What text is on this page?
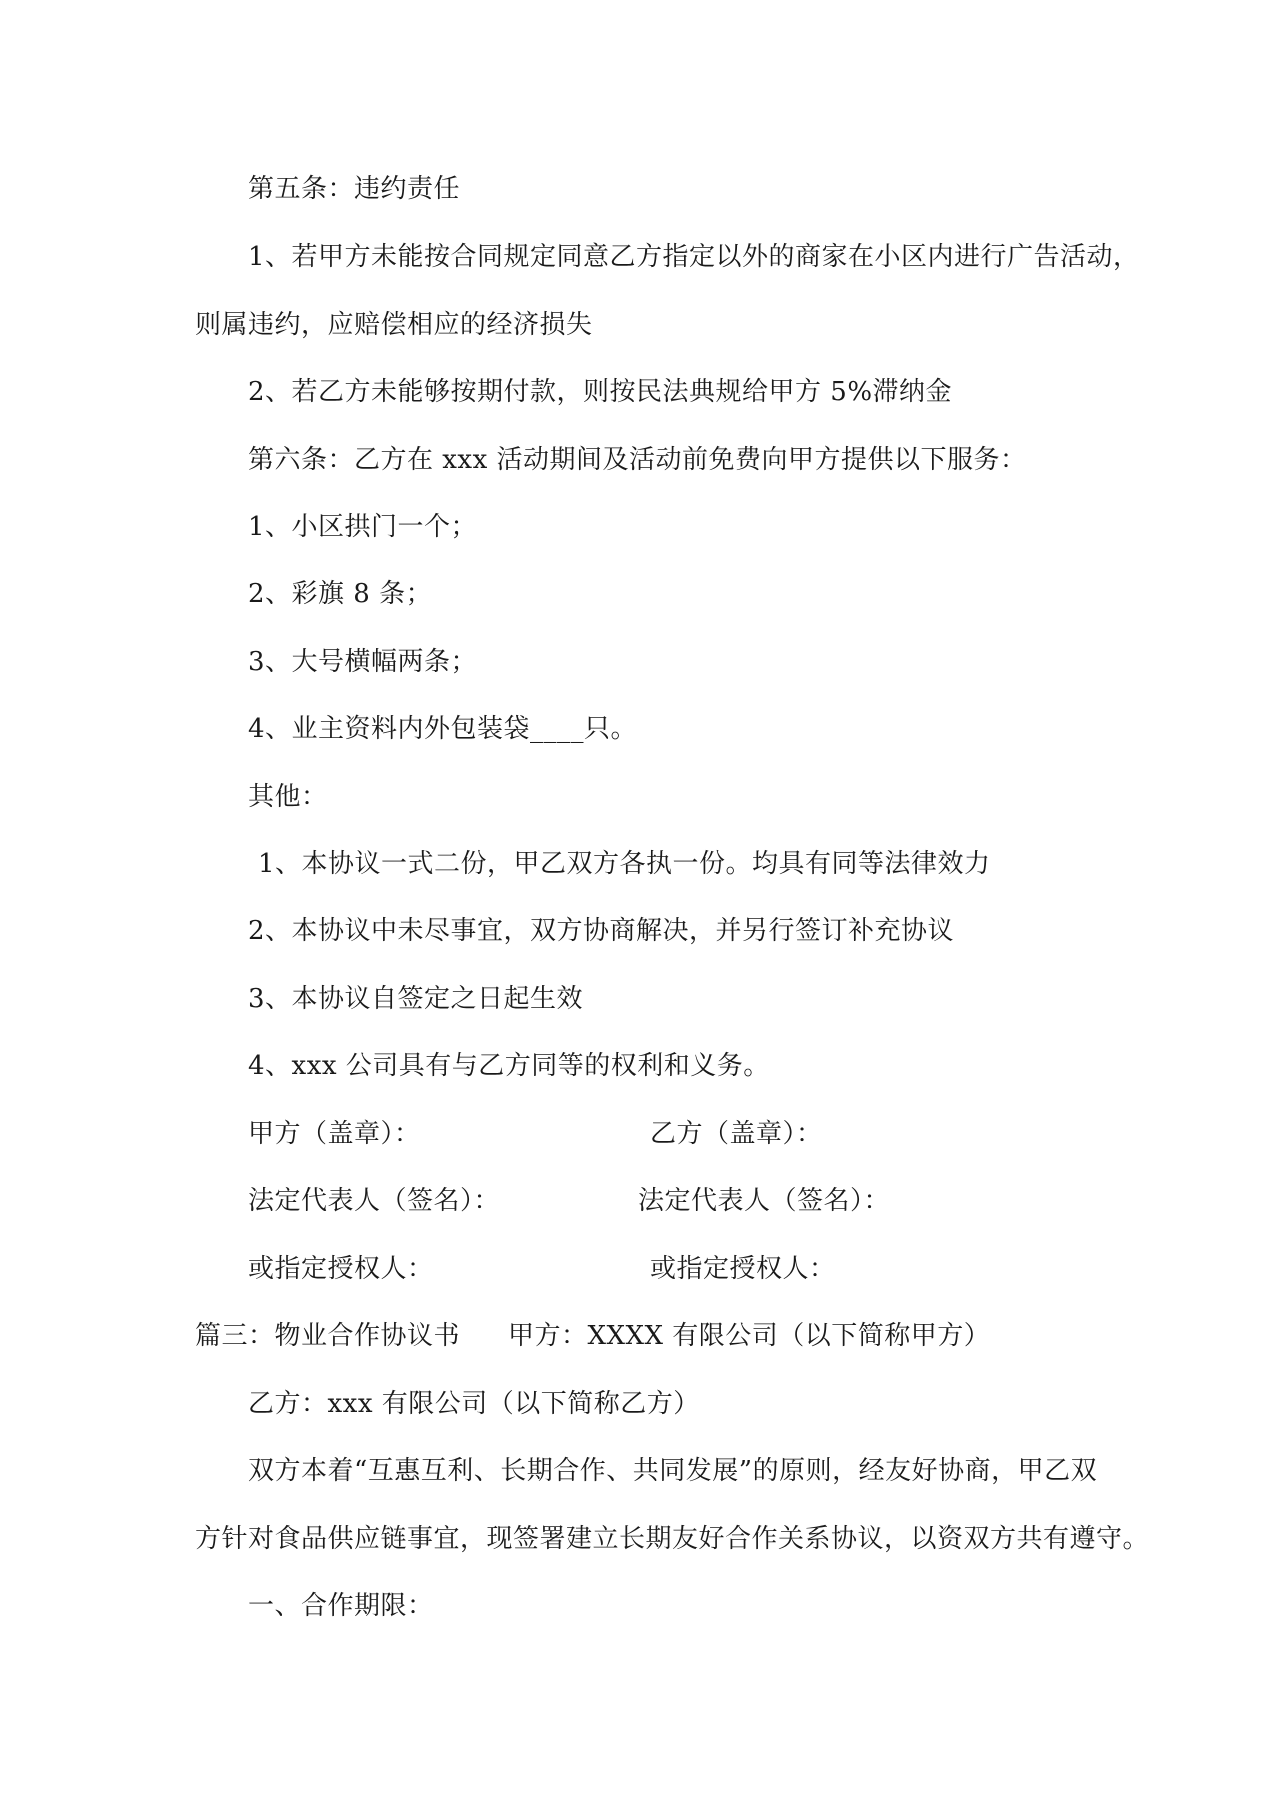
第五条：违约责任
1、若甲方未能按合同规定同意乙方指定以外的商家在小区内进行广告活动，
则属违约，应赔偿相应的经济损失
2、若乙方未能够按期付款，则按民法典规给甲方 5%滞纳金
第六条：乙方在 xxx 活动期间及活动前免费向甲方提供以下服务：
1、小区拱门一个；
2、彩旗 8 条；
3、大号横幅两条；
4、业主资料内外包装袋____只。
其他：
1、本协议一式二份，甲乙双方各执一份。均具有同等法律效力
2、本协议中未尽事宜，双方协商解决，并另行签订补充协议
3、本协议自签定之日起生效
4、xxx 公司具有与乙方同等的权利和义务。
甲方（盖章）：	乙方（盖章）：
法定代表人（签名）：	法定代表人（签名）：
或指定授权人：	或指定授权人：
篇三：物业合作协议书 甲方：XXXX 有限公司（以下简称甲方）
乙方：xxx 有限公司（以下简称乙方）
双方本着“互惠互利、长期合作、共同发展”的原则，经友好协商，甲乙双
方针对食品供应链事宜，现签署建立长期友好合作关系协议，以资双方共有遵守。
一、合作期限：
